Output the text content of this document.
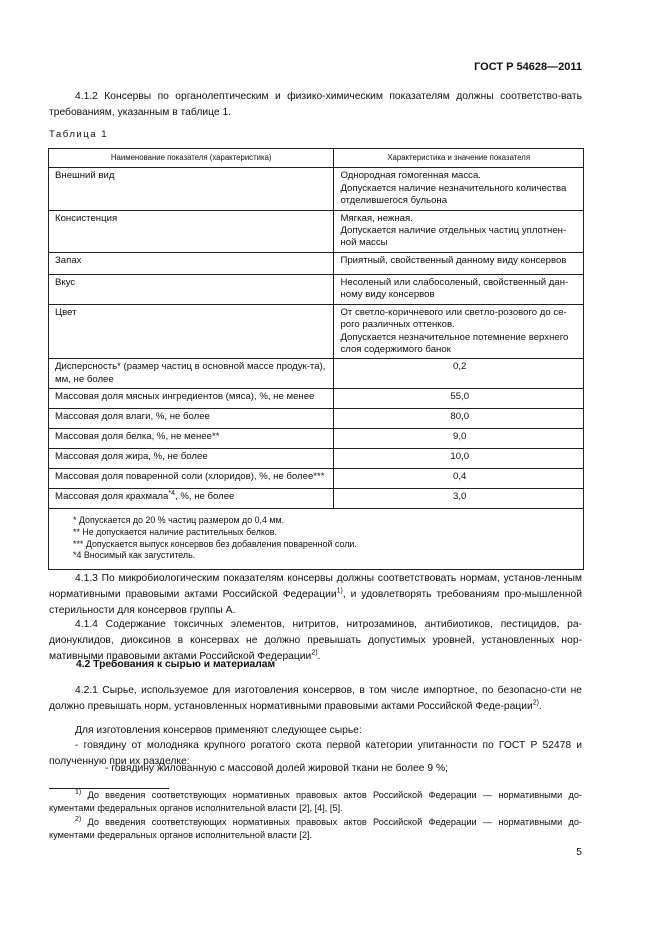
ГОСТ Р 54628—2011

4.1.2 Консервы по органолептическим и физико-химическим показателям должны соответство-вать требованиям, указанным в таблице 1.

Таблица 1
Наименование показателя (характеристика)	Характеристика и значение показателя
Внешний вид	Однородная гомогенная масса.
Допускается наличие незначительного количества отделившегося бульона

Консистенция	Мягкая, нежная.
Допускается наличие отдельных частиц уплотнен-ной массы

Запах	Приятный, свойственный данному виду консервов
Вкус	Несоленый или слабосоленый, свойственный дан-ному виду консервов
Цвет	От светло-коричневого или светло-розового до се-рого различных оттенков.
Допускается незначительное потемнение верхнего слоя содержимого банок

Дисперсность* (размер частиц в основной массе продук-та), мм, не более	0,2
Массовая доля мясных ингредиентов (мяса), %, не менее	55,0
Массовая доля влаги, %, не более	80,0
Массовая доля белка, %, не менее**	9,0
Массовая доля жира, %, не более	10,0
Массовая доля поваренной соли (хлоридов), %, не более***	0,4
Массовая доля крахмала$^{*4}$, %, не более	3,0

* Допускается до 20 % частиц размером до 0,4 мм.
** Не допускается наличие растительных белков.
*** Допускается выпуск консервов без добавления поваренной соли.
*4 Вносимый как загуститель.	

4.1.3 По микробиологическим показателям консервы должны соответствовать нормам, установ-ленным нормативными правовыми актами Российской Федерации$^{1)}$, и удовлетворять требованиям про-мышленной стерильности для консервов группы А.

4.1.4 Содержание токсичных элементов, нитритов, нитрозаминов, антибиотиков, пестицидов, ра-дионуклидов, диоксинов в консервах не должно превышать допустимых уровней, установленных нор-мативными правовыми актами Российской Федерации$^{2)}$.

4.2 Требования к сырью и материалам

4.2.1 Сырье, используемое для изготовления консервов, в том числе импортное, по безопасно-сти не должно превышать норм, установленных нормативными правовыми актами Российской Феде-рации$^{2)}$.

Для изготовления консервов применяют следующее сырье:

- говядину от молодняка крупного рогатого скота первой категории упитанности по ГОСТ Р 52478 и полученную при их разделке:

- говядину жилованную с массовой долей жировой ткани не более 9 %;

$^{1)}$ До введения соответствующих нормативных правовых актов Российской Федерации — нормативными до-кументами федеральных органов исполнительной власти [2], [4], [5].

$^{2)}$ До введения соответствующих нормативных правовых актов Российской Федерации — нормативными до-кументами федеральных органов исполнительной власти [2].

5
